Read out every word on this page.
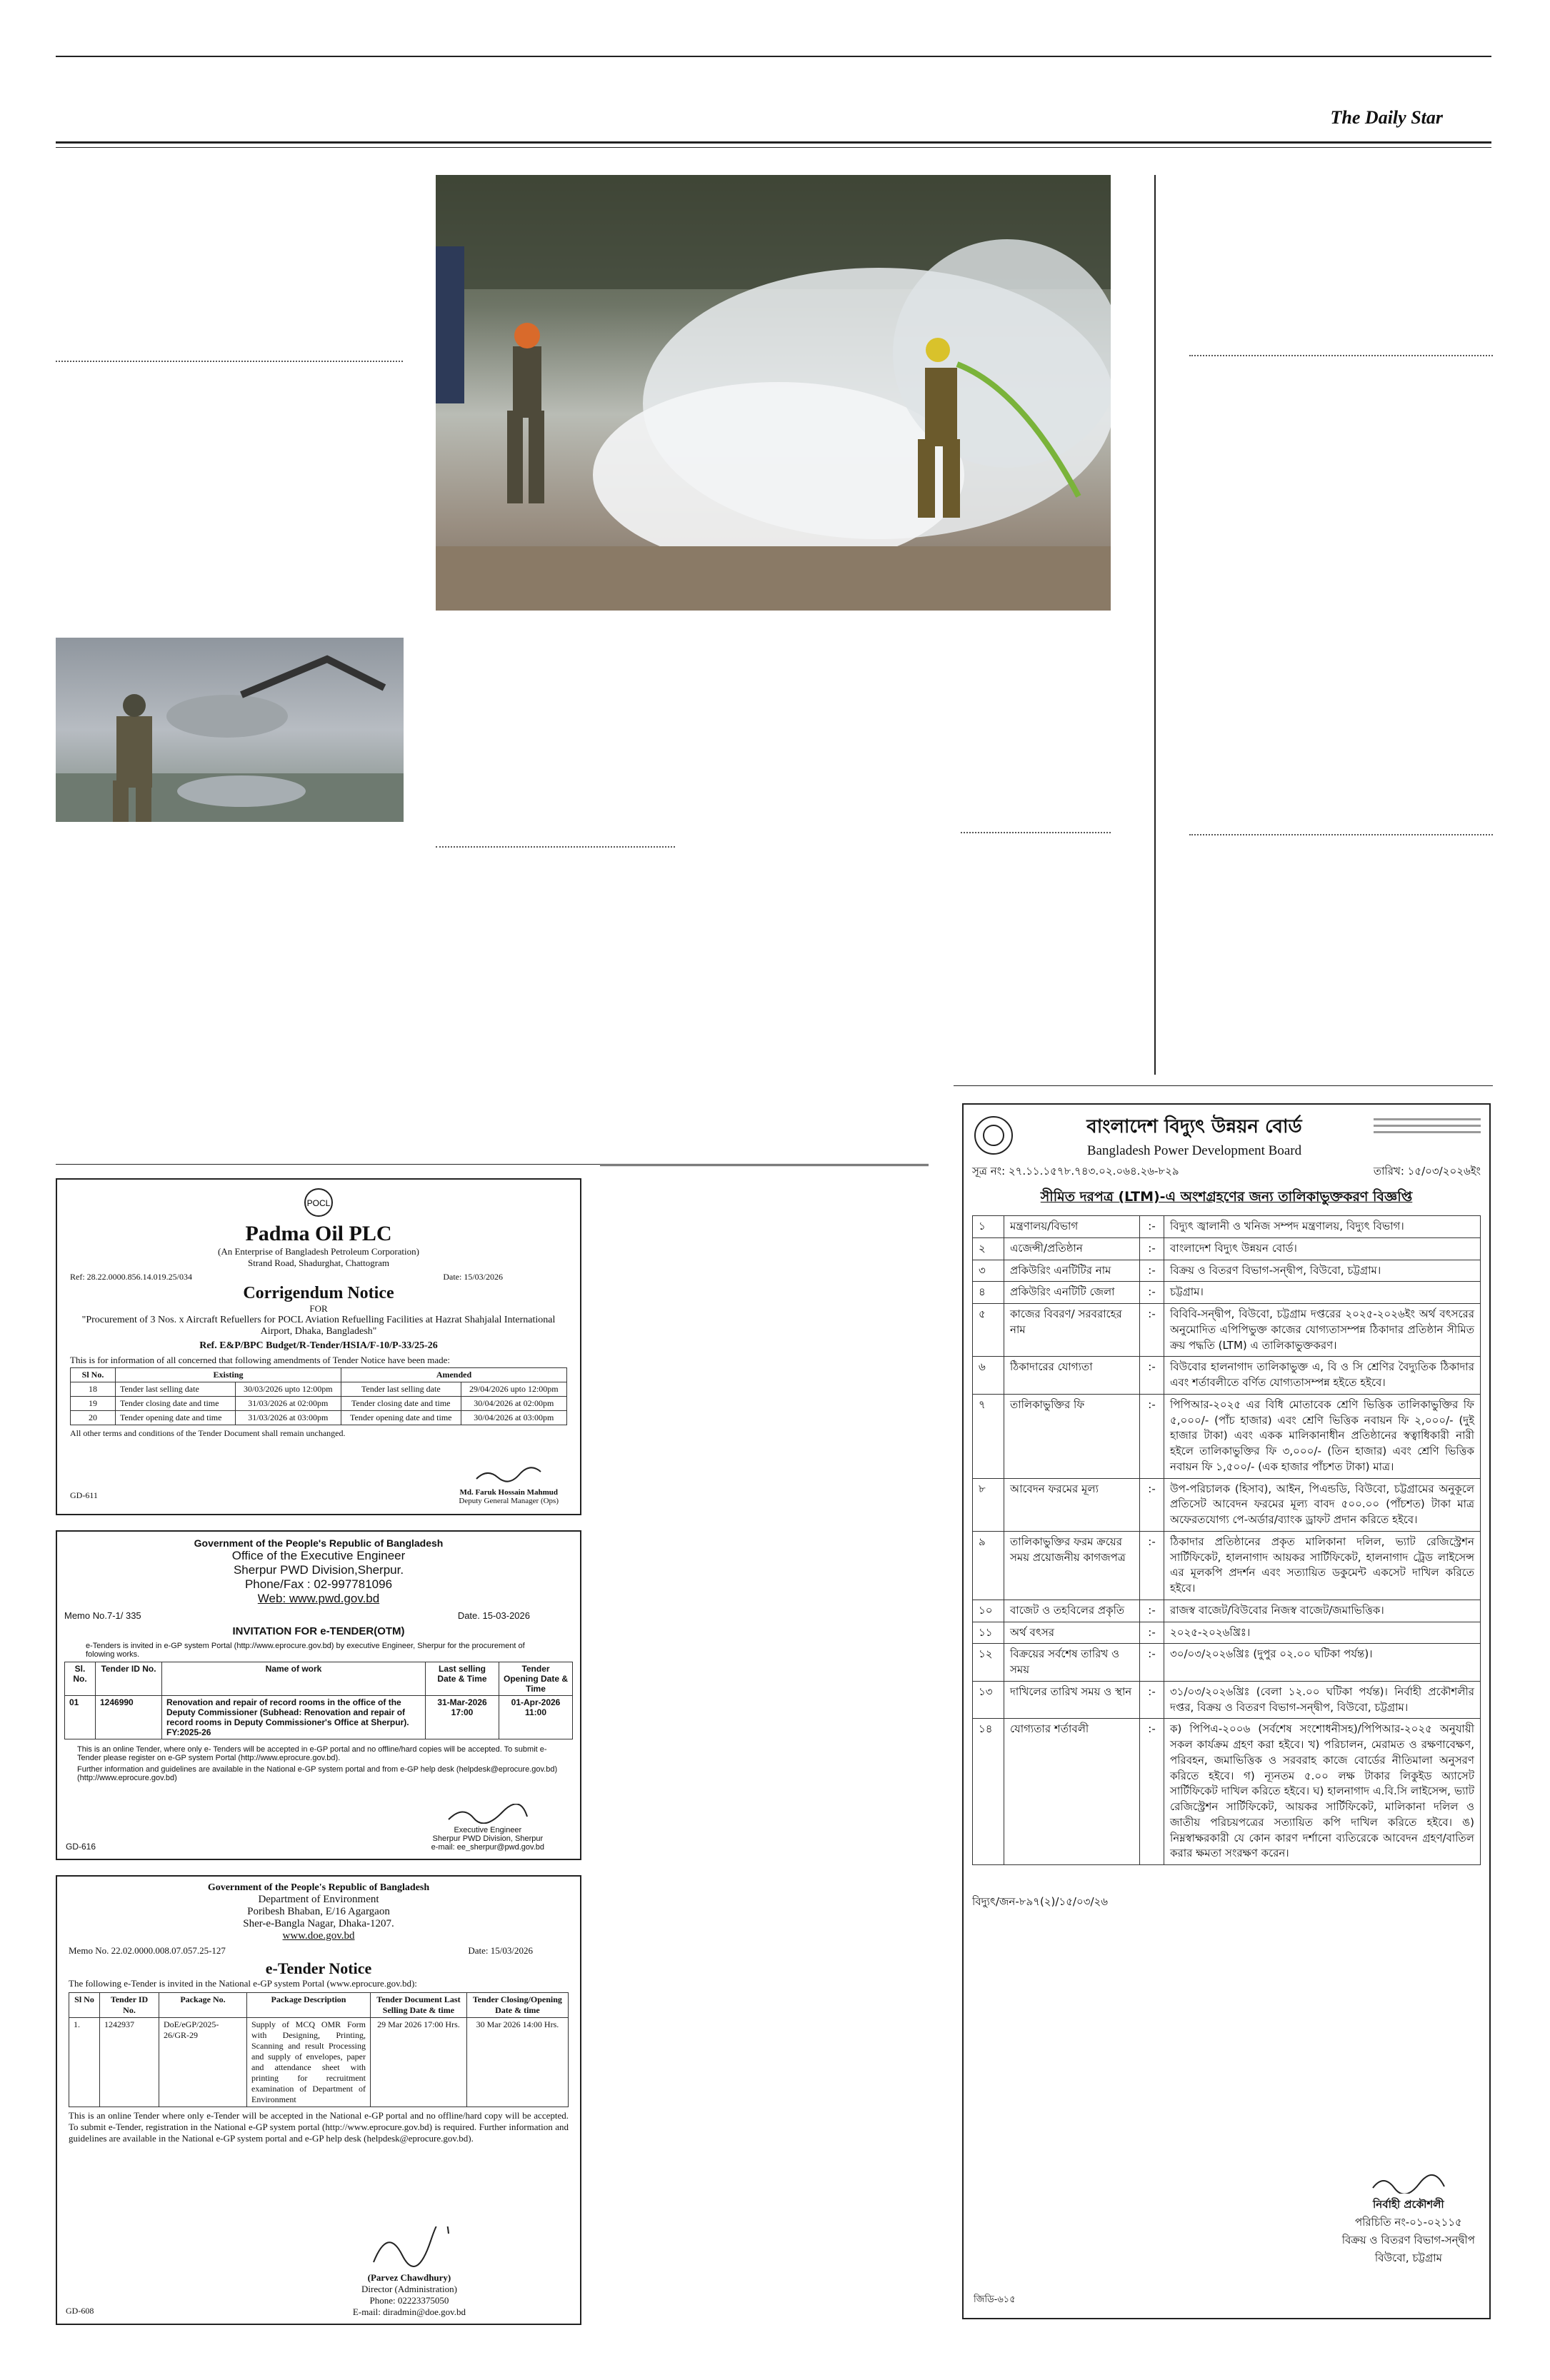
The Daily Star
POCL
Padma Oil PLC
(An Enterprise of Bangladesh Petroleum Corporation)
Strand Road, Shadurghat, Chattogram
Ref: 28.22.0000.856.14.019.25/034	Date: 15/03/2026
Corrigendum Notice
FOR
"Procurement of 3 Nos. x Aircraft Refuellers for POCL Aviation Refuelling Facilities at Hazrat Shahjalal International Airport, Dhaka, Bangladesh"
Ref. E&P/BPC Budget/R-Tender/HSIA/F-10/P-33/25-26
This is for information of all concerned that following amendments of Tender Notice have been made:
Sl No.	Existing		Amended	
18	Tender last selling date	30/03/2026 upto 12:00pm	Tender last selling date	29/04/2026 upto 12:00pm
19	Tender closing date and time	31/03/2026 at 02:00pm	Tender closing date and time	30/04/2026 at 02:00pm
20	Tender opening date and time	31/03/2026 at 03:00pm	Tender opening date and time	30/04/2026 at 03:00pm
All other terms and conditions of the Tender Document shall remain unchanged.
GD-611	Md. Faruk Hossain Mahmud
Deputy General Manager (Ops)
Government of the People's Republic of Bangladesh
Office of the Executive Engineer
Sherpur PWD Division,Sherpur.
Phone/Fax : 02-997781096
Web: www.pwd.gov.bd
Memo No.7-1/ 335	Date. 15-03-2026
INVITATION FOR e-TENDER(OTM)
e-Tenders is invited in e-GP system Portal (http://www.eprocure.gov.bd) by executive Engineer, Sherpur for the procurement of folowing works.
Sl. No.	Tender ID No.	Name of work	Last selling Date & Time	Tender Opening Date & Time
01	1246990	Renovation and repair of record rooms in the office of the Deputy Commissioner (Subhead: Renovation and repair of record rooms in Deputy Commissioner's Office at Sherpur). FY:2025-26	31-Mar-2026 17:00	01-Apr-2026 11:00
This is an online Tender, where only e- Tenders will be accepted in e-GP portal and no offline/hard copies will be accepted. To submit e- Tender please register on e-GP system Portal (http://www.eprocure.gov.bd).
Further information and guidelines are available in the National e-GP system portal and from e-GP help desk (helpdesk@eprocure.gov.bd) (http://www.eprocure.gov.bd)
GD-616
Executive Engineer
Sherpur PWD Division, Sherpur
e-mail: ee_sherpur@pwd.gov.bd
Government of the People's Republic of Bangladesh
Department of Environment
Poribesh Bhaban, E/16 Agargaon
Sher-e-Bangla Nagar, Dhaka-1207.
www.doe.gov.bd
Memo No. 22.02.0000.008.07.057.25-127	Date: 15/03/2026
e-Tender Notice
The following e-Tender is invited in the National e-GP system Portal (www.eprocure.gov.bd):
Sl No	Tender ID No.	Package No.	Package Description	Tender Document Last Selling Date & time	Tender Closing/Opening Date & time
1.	1242937	DoE/eGP/2025-26/GR-29	Supply of MCQ OMR Form with Designing, Printing, Scanning and result Processing and supply of envelopes, paper and attendance sheet with printing for recruitment examination of Department of Environment	29 Mar 2026 17:00 Hrs.	30 Mar 2026 14:00 Hrs.
This is an online Tender where only e-Tender will be accepted in the National e-GP portal and no offline/hard copy will be accepted. To submit e-Tender, registration in the National e-GP system portal (http://www.eprocure.gov.bd) is required. Further information and guidelines are available in the National e-GP system portal and e-GP help desk (helpdesk@eprocure.gov.bd).
GD-608
(Parvez Chawdhury)
Director (Administration)
Phone: 02223375050
E-mail: diradmin@doe.gov.bd
বাংলাদেশ বিদ্যুৎ উন্নয়ন বোর্ড
Bangladesh Power Development Board
সূত্র নং: ২৭.১১.১৫৭৮.৭৪৩.০২.০৬৪.২৬-৮২৯	তারিখ: ১৫/০৩/২০২৬ইং
সীমিত দরপত্র (LTM)-এ অংশগ্রহণের জন্য তালিকাভুক্তকরণ বিজ্ঞপ্তি
১	মন্ত্রণালয়/বিভাগ	:-	বিদ্যুৎ জ্বালানী ও খনিজ সম্পদ মন্ত্রণালয়, বিদ্যুৎ বিভাগ।
২	এজেন্সী/প্রতিষ্ঠান	:-	বাংলাদেশ বিদ্যুৎ উন্নয়ন বোর্ড।
৩	প্রকিউরিং এনটিটির নাম	:-	বিক্রয় ও বিতরণ বিভাগ-সন্দ্বীপ, বিউবো, চট্টগ্রাম।
৪	প্রকিউরিং এনটিটি জেলা	:-	চট্টগ্রাম।
৫	কাজের বিবরণ/ সরবরাহের নাম	:-	বিবিবি-সন্দ্বীপ, বিউবো, চট্টগ্রাম দপ্তরের ২০২৫-২০২৬ইং অর্থ বৎসরের অনুমোদিত এপিপিভুক্ত কাজের যোগ্যতাসম্পন্ন ঠিকাদার প্রতিষ্ঠান সীমিত ক্রয় পদ্ধতি (LTM) এ তালিকাভুক্তকরণ।
৬	ঠিকাদারের যোগ্যতা	:-	বিউবোর হালনাগাদ তালিকাভুক্ত এ, বি ও সি শ্রেণির বৈদ্যুতিক ঠিকাদার এবং শর্তাবলীতে বর্ণিত যোগ্যতাসম্পন্ন হইতে হইবে।
৭	তালিকাভুক্তির ফি	:-	পিপিআর-২০২৫ এর বিধি মোতাবেক শ্রেণি ভিত্তিক তালিকাভুক্তির ফি ৫,০০০/- (পাঁচ হাজার) এবং শ্রেণি ভিত্তিক নবায়ন ফি ২,০০০/- (দুই হাজার টাকা) এবং একক মালিকানাধীন প্রতিষ্ঠানের স্বত্বাধিকারী নারী হইলে তালিকাভুক্তির ফি ৩,০০০/- (তিন হাজার) এবং শ্রেণি ভিত্তিক নবায়ন ফি ১,৫০০/- (এক হাজার পাঁচশত টাকা) মাত্র।
৮	আবেদন ফরমের মূল্য	:-	উপ-পরিচালক (হিসাব), আইন, পিএন্ডডি, বিউবো, চট্টগ্রামের অনুকূলে প্রতিসেট আবেদন ফরমের মূল্য বাবদ ৫০০.০০ (পাঁচশত) টাকা মাত্র অফেরতযোগ্য পে-অর্ডার/ব্যাংক ড্রাফট প্রদান করিতে হইবে।
৯	তালিকাভুক্তির ফরম ক্রয়ের সময় প্রয়োজনীয় কাগজপত্র	:-	ঠিকাদার প্রতিষ্ঠানের প্রকৃত মালিকানা দলিল, ভ্যাট রেজিস্ট্রেশন সার্টিফিকেট, হালনাগাদ আয়কর সার্টিফিকেট, হালনাগাদ ট্রেড লাইসেন্স এর মূলকপি প্রদর্শন এবং সত্যায়িত ডকুমেন্ট একসেট দাখিল করিতে হইবে।
১০	বাজেট ও তহবিলের প্রকৃতি	:-	রাজস্ব বাজেট/বিউবোর নিজস্ব বাজেট/জমাভিত্তিক।
১১	অর্থ বৎসর	:-	২০২৫-২০২৬খ্রিঃ।
১২	বিক্রয়ের সর্বশেষ তারিখ ও সময়	:-	৩০/০৩/২০২৬খ্রিঃ (দুপুর ০২.০০ ঘটিকা পর্যন্ত)।
১৩	দাখিলের তারিখ সময় ও স্থান	:-	৩১/০৩/২০২৬খ্রিঃ (বেলা ১২.০০ ঘটিকা পর্যন্ত)। নির্বাহী প্রকৌশলীর দপ্তর, বিক্রয় ও বিতরণ বিভাগ-সন্দ্বীপ, বিউবো, চট্টগ্রাম।
১৪	যোগ্যতার শর্তাবলী	:-	ক) পিপিএ-২০০৬ (সর্বশেষ সংশোধনীসহ)/পিপিআর-২০২৫ অনুযায়ী সকল কার্যক্রম গ্রহণ করা হইবে। খ) পরিচালন, মেরামত ও রক্ষণাবেক্ষণ, পরিবহন, জমাভিত্তিক ও সরবরাহ কাজে বোর্ডের নীতিমালা অনুসরণ করিতে হইবে। গ) ন্যূনতম ৫.০০ লক্ষ টাকার লিকুইড অ্যাসেট সার্টিফিকেট দাখিল করিতে হইবে। ঘ) হালনাগাদ এ.বি.সি লাইসেন্স, ভ্যাট রেজিস্ট্রেশন সার্টিফিকেট, আয়কর সার্টিফিকেট, মালিকানা দলিল ও জাতীয় পরিচয়পত্রের সত্যায়িত কপি দাখিল করিতে হইবে। ঙ) নিম্নস্বাক্ষরকারী যে কোন কারণ দর্শানো ব্যতিরেকে আবেদন গ্রহণ/বাতিল করার ক্ষমতা সংরক্ষণ করেন।
বিদ্যুৎ/জন-৮৯৭(২)/১৫/০৩/২৬
নির্বাহী প্রকৌশলী
পরিচিতি নং-০১-০২১১৫
বিক্রয় ও বিতরণ বিভাগ-সন্দ্বীপ
বিউবো, চট্টগ্রাম
জিডি-৬১৫
